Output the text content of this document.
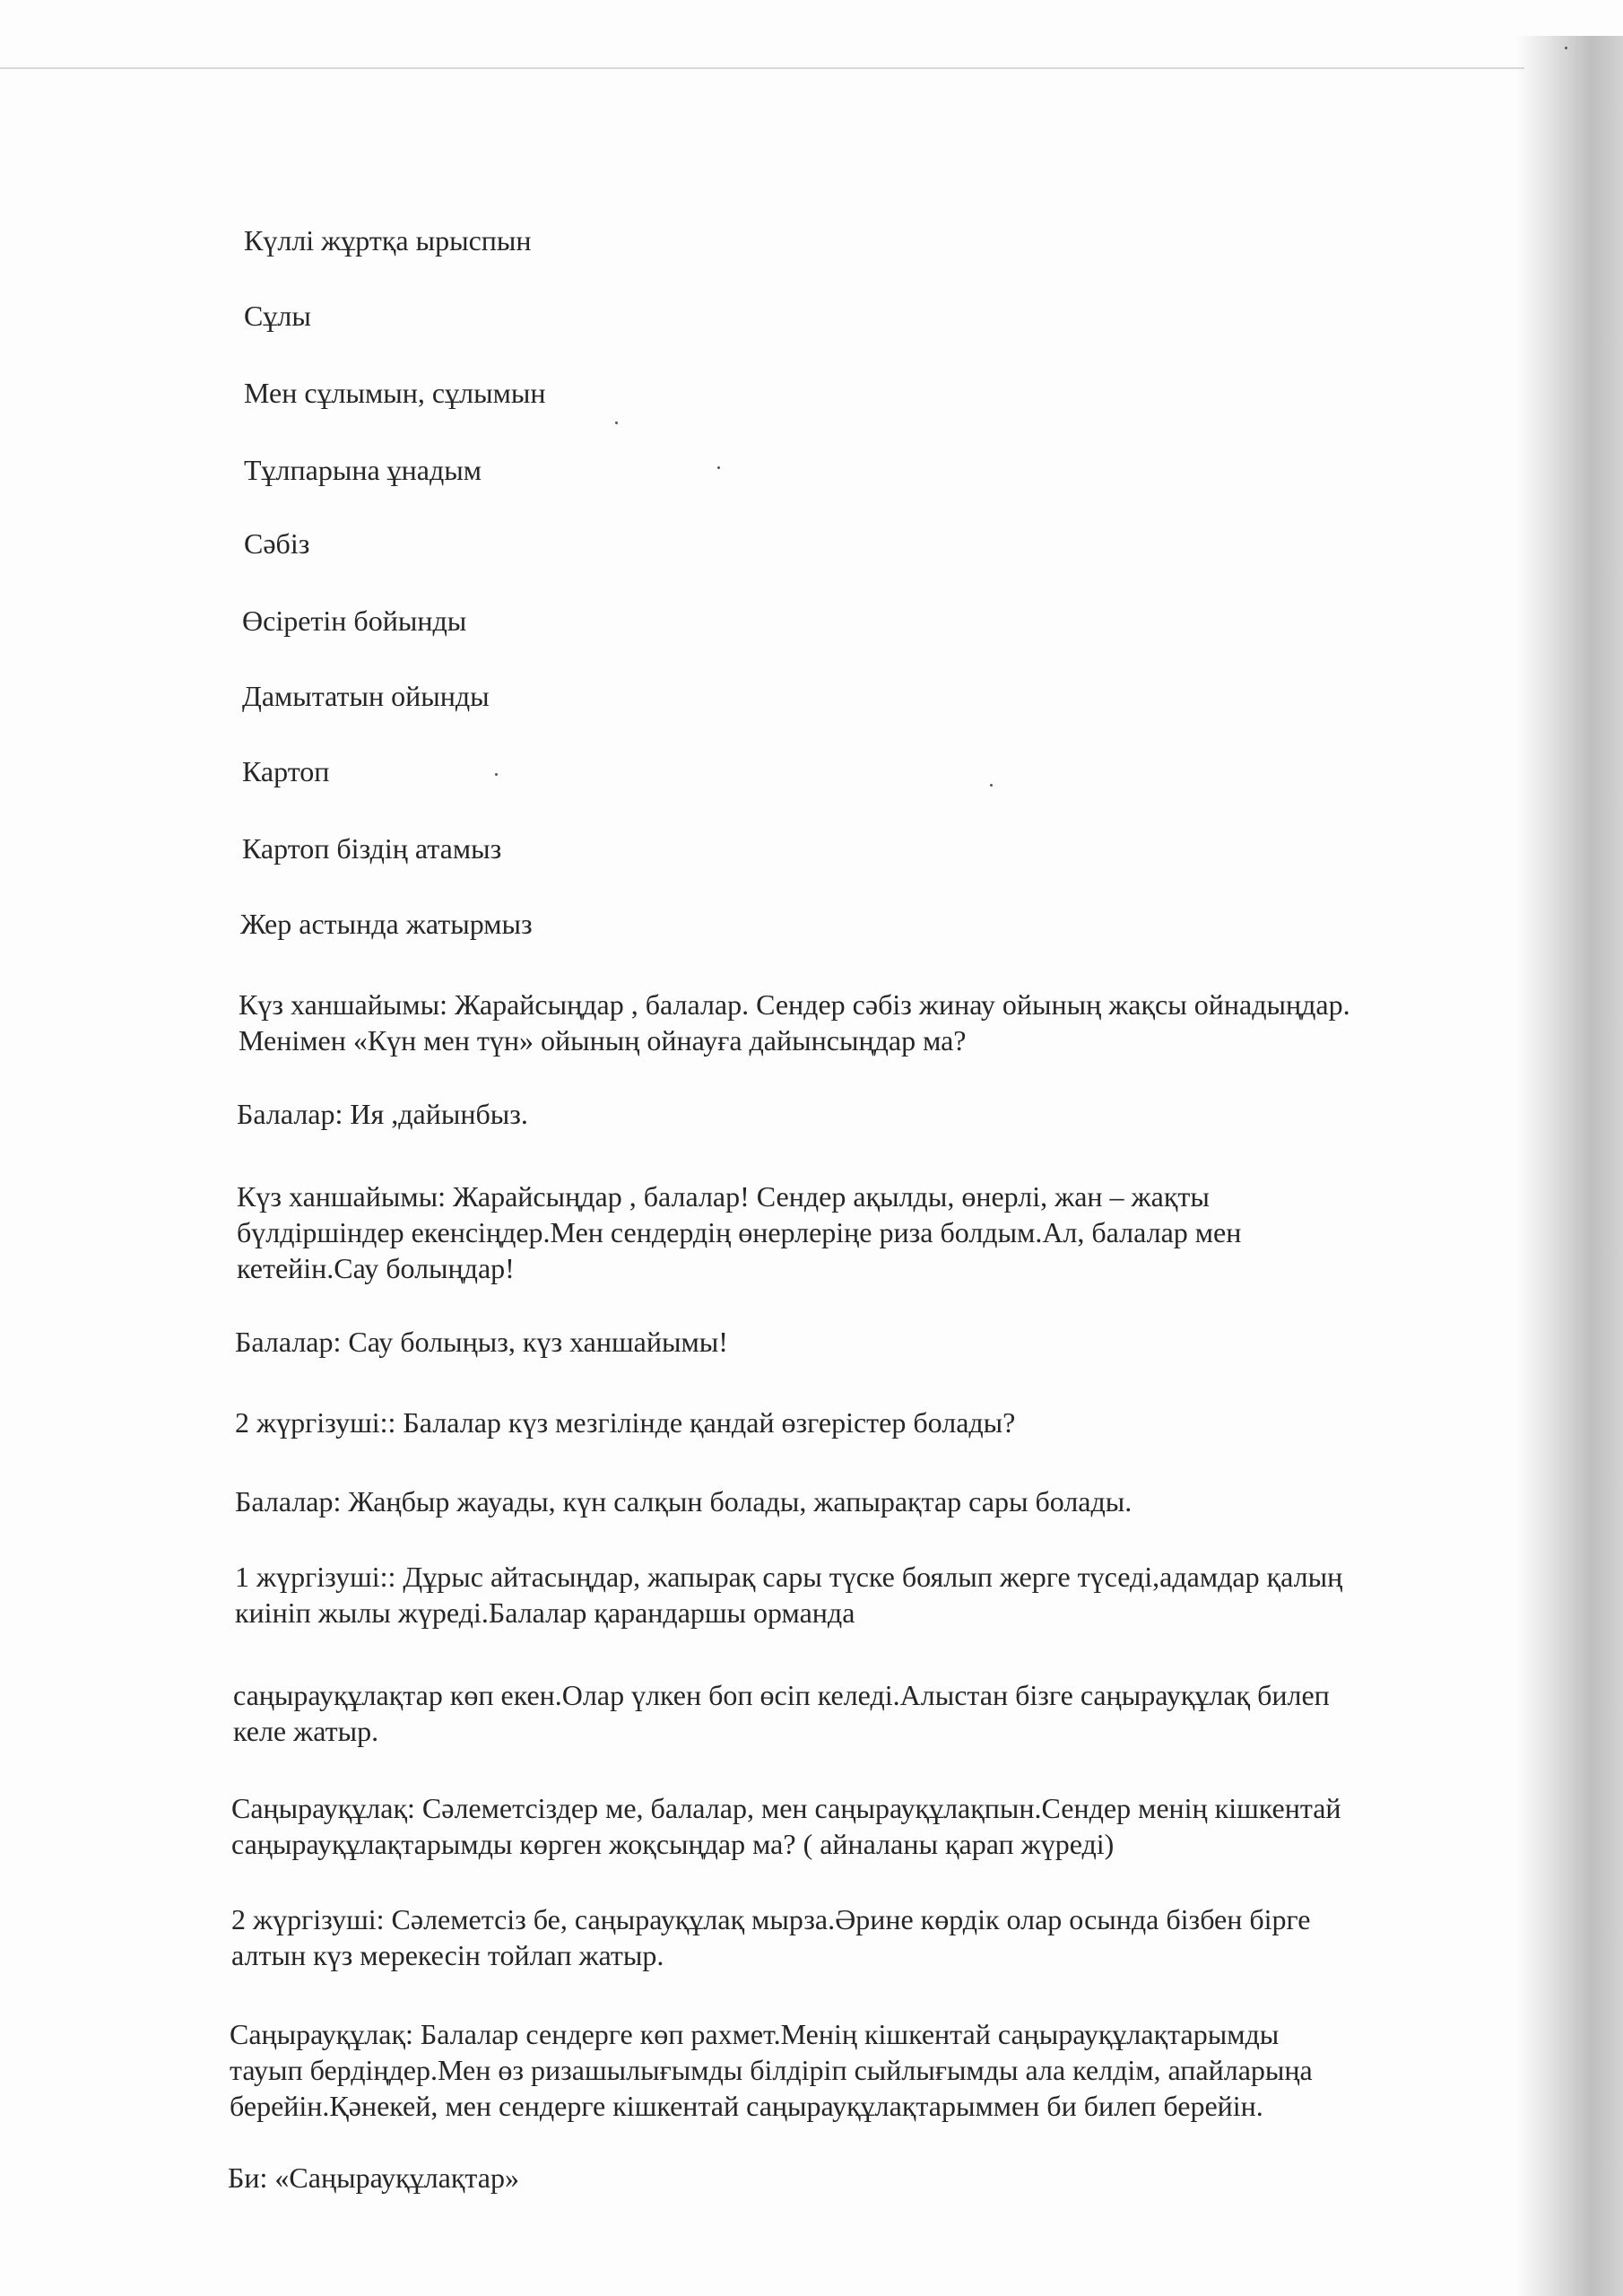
Күллі жұртқа ырыспын

Сұлы

Мен сұлымын, сұлымын

Тұлпарына ұнадым

Сәбіз

Өсіретін бойынды

Дамытатын ойынды

Картоп

Картоп біздің атамыз

Жер астында жатырмыз

Күз ханшайымы: Жарайсыңдар , балалар. Сендер сәбіз жинау ойының жақсы ойнадыңдар.
Менімен «Күн мен түн» ойының ойнауға дайынсыңдар ма?
Балалар: Ия ,дайынбыз.
Күз ханшайымы: Жарайсыңдар , балалар! Сендер ақылды, өнерлі, жан – жақты
бүлдіршіндер екенсіңдер.Мен сендердің өнерлеріңе риза болдым.Ал, балалар мен
кетейін.Сау болыңдар!
Балалар: Сау болыңыз, күз ханшайымы!
2 жүргізуші:: Балалар күз мезгілінде қандай өзгерістер болады?
Балалар: Жаңбыр жауады, күн салқын болады, жапырақтар сары болады.
1 жүргізуші:: Дұрыс айтасыңдар, жапырақ сары түске боялып жерге түседі,адамдар қалың
киініп жылы жүреді.Балалар қарандаршы орманда
саңырауқұлақтар көп екен.Олар үлкен боп өсіп келеді.Алыстан бізге саңырауқұлақ билеп
келе жатыр.
Саңырауқұлақ: Сәлеметсіздер ме, балалар, мен саңырауқұлақпын.Сендер менің кішкентай
саңырауқұлақтарымды көрген жоқсыңдар ма? ( айналаны қарап жүреді)
2 жүргізуші: Сәлеметсіз бе, саңырауқұлақ мырза.Әрине көрдік олар осында бізбен бірге
алтын күз мерекесін тойлап жатыр.
Саңырауқұлақ: Балалар сендерге көп рахмет.Менің кішкентай саңырауқұлақтарымды
тауып бердіңдер.Мен өз ризашылығымды білдіріп сыйлығымды ала келдім, апайларыңа
берейін.Қәнекей, мен сендерге кішкентай саңырауқұлақтарыммен би билеп берейін.
Би: «Саңырауқұлақтар»
